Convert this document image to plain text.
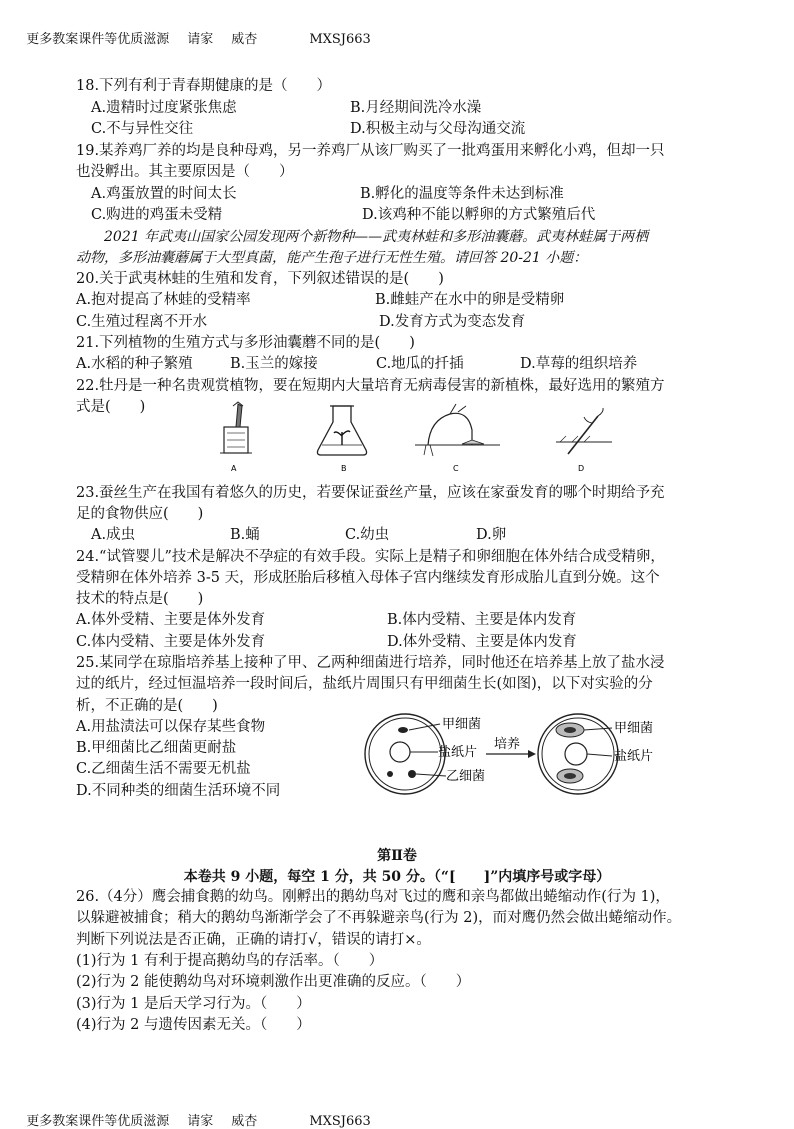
更多教案课件等优质滋源 请家 威杏	MXSJ663

18.下列有利于青春期健康的是（　　）
A.遗精时过度紧张焦虑	B.月经期间洗冷水澡
C.不与异性交往	D.积极主动与父母沟通交流
19.某养鸡厂养的均是良种母鸡，另一养鸡厂从该厂购买了一批鸡蛋用来孵化小鸡，但却一只
也没孵出。其主要原因是（　　）
A.鸡蛋放置的时间太长	B.孵化的温度等条件未达到标准
C.购进的鸡蛋未受精	D.该鸡种不能以孵卵的方式繁殖后代
2021 年武夷山国家公园发现两个新物种——武夷林蛙和多形油囊蘑。武夷林蛙属于两栖
动物，多形油囊蘑属于大型真菌，能产生孢子进行无性生殖。请回答 20-21 小题：
20.关于武夷林蛙的生殖和发育，下列叙述错误的是(　　)
A.抱对提高了林蛙的受精率	B.雌蛙产在水中的卵是受精卵
C.生殖过程离不开水	D.发育方式为变态发育
21.下列植物的生殖方式与多形油囊蘑不同的是(　　)
A.水稻的种子繁殖	B.玉兰的嫁接	C.地瓜的扦插	D.草莓的组织培养
22.牡丹是一种名贵观赏植物，要在短期内大量培育无病毒侵害的新植株，最好选用的繁殖方
式是(　　)
A	B	C	D
23.蚕丝生产在我国有着悠久的历史，若要保证蚕丝产量，应该在家蚕发育的哪个时期给予充
足的食物供应(　　)
A.成虫	B.蛹	C.幼虫	D.卵
24.“试管婴儿”技术是解决不孕症的有效手段。实际上是精子和卵细胞在体外结合成受精卵，
受精卵在体外培养 3-5 天，形成胚胎后移植入母体子宫内继续发育形成胎儿直到分娩。这个
技术的特点是(　　)
A.体外受精、主要是体外发育	B.体内受精、主要是体内发育
C.体内受精、主要是体外发育	D.体外受精、主要是体内发育
25.某同学在琼脂培养基上接种了甲、乙两种细菌进行培养，同时他还在培养基上放了盐水浸
过的纸片，经过恒温培养一段时间后，盐纸片周围只有甲细菌生长(如图)，以下对实验的分
析，不正确的是(　　)
A.用盐渍法可以保存某些食物
B.甲细菌比乙细菌更耐盐
C.乙细菌生活不需要无机盐
D.不同种类的细菌生活环境不同
甲细菌
盐纸片
乙细菌
培养
甲细菌
盐纸片
第Ⅱ卷
本卷共 9 小题，每空 1 分，共 50 分。（“[　　]”内填序号或字母）
26.（4分）鹰会捕食鹅的幼鸟。刚孵出的鹅幼鸟对飞过的鹰和亲鸟都做出蜷缩动作(行为 1)，
以躲避被捕食；稍大的鹅幼鸟渐渐学会了不再躲避亲鸟(行为 2)，而对鹰仍然会做出蜷缩动作。
判断下列说法是否正确，正确的请打√，错误的请打×。
(1)行为 1 有利于提高鹅幼鸟的存活率。（　　）
(2)行为 2 能使鹅幼鸟对环境刺激作出更准确的反应。（　　）
(3)行为 1 是后天学习行为。（　　）
(4)行为 2 与遗传因素无关。（　　）

更多教案课件等优质滋源 请家 威杏	MXSJ663
